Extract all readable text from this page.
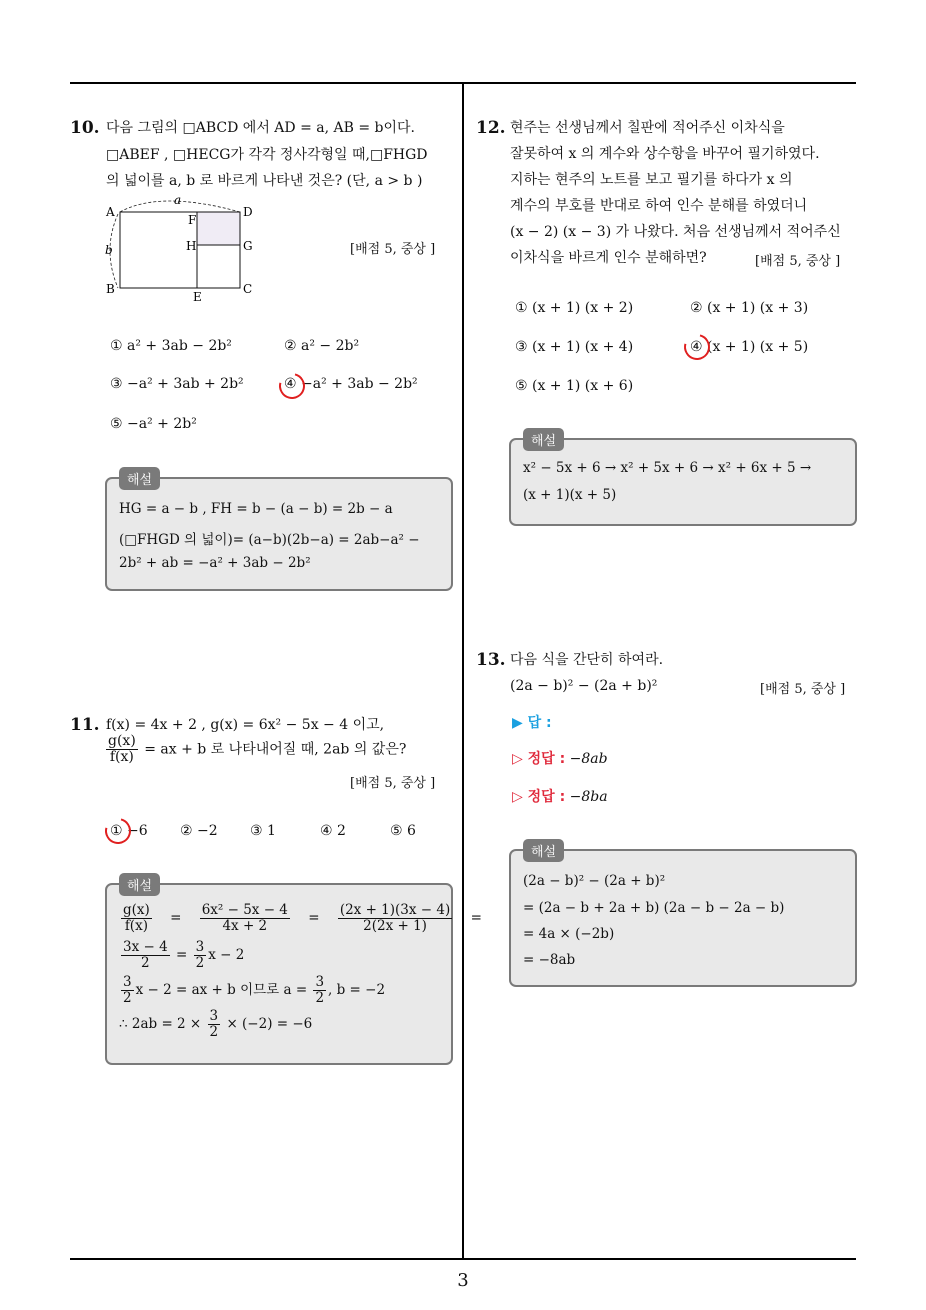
10. 다음 그림의 □ABCD 에서 AD = a, AB = b이다.
□ABEF , □HECG가 각각 정사각형일 때,□FHGD
의 넓이를 a, b 로 바르게 나타낸 것은? (단, a > b )
A
F
D
H	G
B
E
C
a
b	[배점 5, 중상 ]
① a² + 3ab − 2b²	② a² − 2b²
③ −a² + 3ab + 2b²	④ −a² + 3ab − 2b²
⑤ −a² + 2b²
해설
HG = a − b , FH = b − (a − b) = 2b − a
(□FHGD 의 넓이)= (a−b)(2b−a) = 2ab−a² −
2b² + ab = −a² + 3ab − 2b²
11. f(x) = 4x + 2 , g(x) = 6x² − 5x − 4 이고,
$\frac{g(x)}{f(x)}$ = ax + b 로 나타내어질 때, 2ab 의 값은?
[배점 5, 중상 ]
① −6 ② −2 ③ 1	④ 2	⑤ 6
해설
$\frac{g(x)}{f(x)} = \frac{\text{6x² − 5x − 4}}{4x + 2} = \frac{(2x + 1)(3x - 4)}{2(2x + 1)}$ =
$\frac{3x - 4}{2} = \frac{3}{2}$ x − 2
$\frac{3}{2}$ x − 2 = ax + b 이므로 $a = \frac{3}{2}$ , b = −2
∴ $2ab = 2 \times \frac{3}{2} \times (-2) = -6$
12. 현주는 선생님께서 칠판에 적어주신 이차식을
잘못하여 x 의 계수와 상수항을 바꾸어 필기하였다.
지하는 현주의 노트를 보고 필기를 하다가 x 의
계수의 부호를 반대로 하여 인수 분해를 하였더니
(x − 2) (x − 3) 가 나왔다. 처음 선생님께서 적어주신
이차식을 바르게 인수 분해하면?	[배점 5, 중상 ]
① (x + 1) (x + 2)	② (x + 1) (x + 3)
③ (x + 1) (x + 4)	④ (x + 1) (x + 5)
⑤ (x + 1) (x + 6)
해설
x² − 5x + 6 → x² + 5x + 6 → x² + 6x + 5 →
(x + 1)(x + 5)
13. 다음 식을 간단히 하여라.
(2a − b)² − (2a + b)²	[배점 5, 중상 ]
▶ 답 :
▷ 정답 : −8ab
▷ 정답 : −8ba
해설
(2a − b)² − (2a + b)²
= (2a − b + 2a + b) (2a − b − 2a − b)
= 4a × (−2b)
= −8ab
3
